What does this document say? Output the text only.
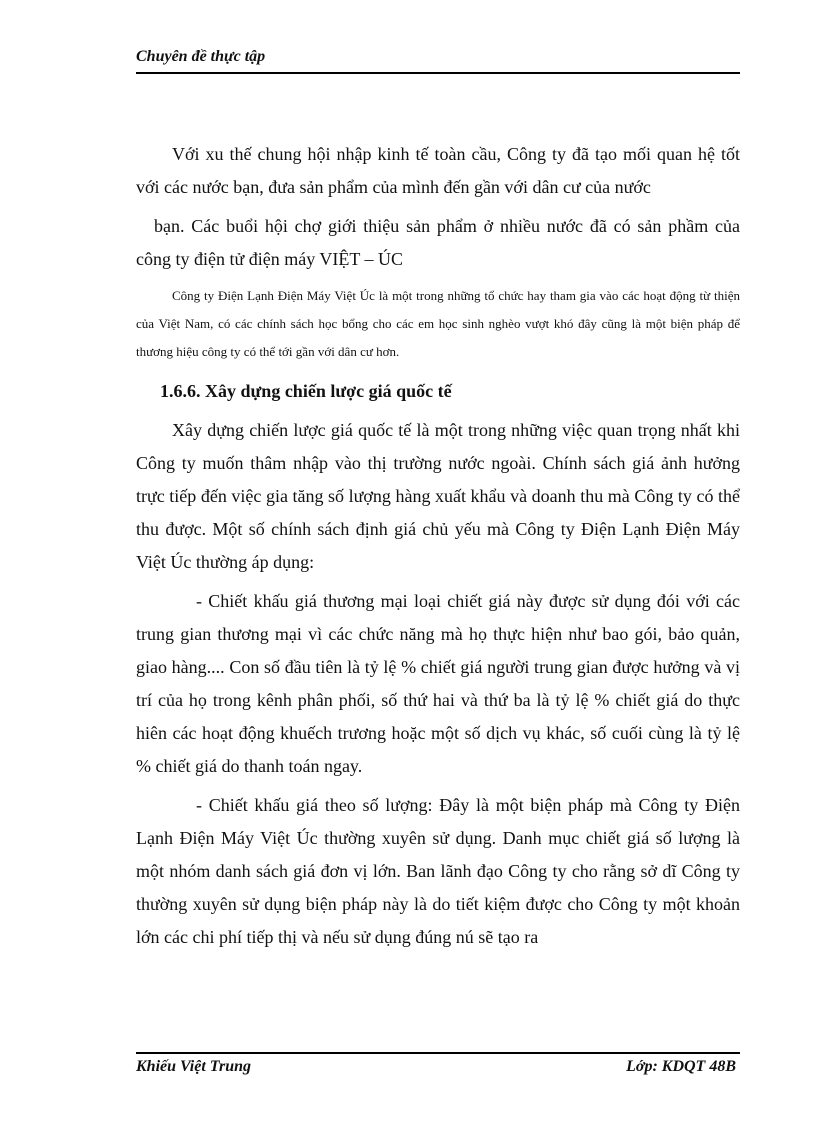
Chuyên đề thực tập

Với xu thế chung hội nhập kinh tế toàn cầu, Công ty đã tạo mối quan hệ tốt với các nước bạn, đưa sản phẩm của mình đến gần với dân cư của nước

bạn. Các buổi hội chợ giới thiệu sản phẩm ở nhiều nước đã có sản phầm của công ty điện tử điện máy VIỆT – ÚC

Công ty Điện Lạnh Điện Máy Việt Úc là một trong những tổ chức hay tham gia vào các hoạt động từ thiện của Việt Nam, có các chính sách học bổng cho các em học sinh nghèo vượt khó đây cũng là một biện pháp để thương hiệu công ty có thể tới gần với dân cư hơn.

1.6.6. Xây dựng chiến lược giá quốc tế

Xây dựng chiến lược giá quốc tế là một trong những việc quan trọng nhất khi Công ty muốn thâm nhập vào thị trường nước ngoài. Chính sách giá ảnh hưởng trực tiếp đến việc gia tăng số lượng hàng xuất khẩu và doanh thu mà Công ty có thể thu được. Một số chính sách định giá chủ yếu mà Công ty Điện Lạnh Điện Máy Việt Úc thường áp dụng:

- Chiết khấu giá thương mại loại chiết giá này được sử dụng đói với các trung gian thương mại vì các chức năng mà họ thực hiện như bao gói, bảo quản, giao hàng.... Con số đầu tiên là tỷ lệ % chiết giá người trung gian được hưởng và vị trí của họ trong kênh phân phối, số thứ hai và thứ ba là tỷ lệ % chiết giá do thực hiên các hoạt động khuếch trương hoặc một số dịch vụ khác, số cuối cùng là tỷ lệ % chiết giá do thanh toán ngay.

- Chiết khấu giá theo số lượng: Đây là một biện pháp mà Công ty Điện Lạnh Điện Máy Việt Úc thường xuyên sử dụng. Danh mục chiết giá số lượng là một nhóm danh sách giá đơn vị lớn. Ban lãnh đạo Công ty cho rằng sở dĩ Công ty thường xuyên sử dụng biện pháp này là do tiết kiệm được cho Công ty một khoản lớn các chi phí tiếp thị và nếu sử dụng đúng nú sẽ tạo ra

Khiếu Việt Trung	Lớp: KDQT 48B
